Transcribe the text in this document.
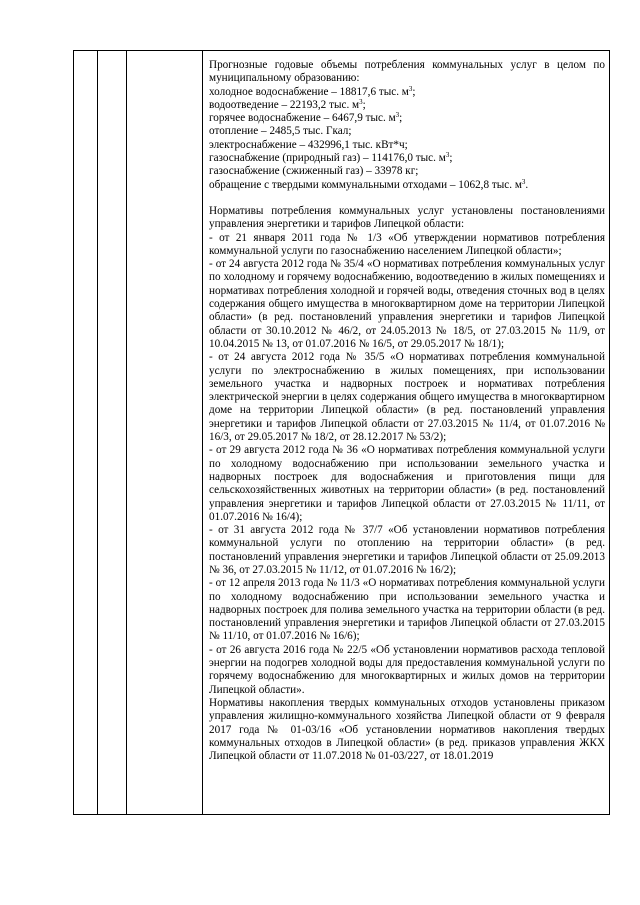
Прогнозные годовые объемы потребления коммунальных услуг в целом по муниципальному образованию:

холодное водоснабжение – 18817,6 тыс. $м^3$;

водоотведение – 22193,2 тыс. $м^3$;

горячее водоснабжение – 6467,9 тыс. $м^3$;

отопление – 2485,5 тыс. Гкал;

электроснабжение – 432996,1 тыс. кВт*ч;

газоснабжение (природный газ) – 114176,0 тыс. $м^3$;

газоснабжение (сжиженный газ) – 33978 кг;

обращение с твердыми коммунальными отходами – 1062,8 тыс. $м^3$.

Нормативы потребления коммунальных услуг установлены постановлениями управления энергетики и тарифов Липецкой области:

- от 21 января 2011 года № 1/3 «Об утверждении нормативов потребления коммунальной услуги по газоснабжению населением Липецкой области»;

- от 24 августа 2012 года № 35/4 «О нормативах потребления коммунальных услуг по холодному и горячему водоснабжению, водоотведению в жилых помещениях и нормативах потребления холодной и горячей воды, отведения сточных вод в целях содержания общего имущества в многоквартирном доме на территории Липецкой области» (в ред. постановлений управления энергетики и тарифов Липецкой области от 30.10.2012 № 46/2, от 24.05.2013 № 18/5, от 27.03.2015 № 11/9, от 10.04.2015 № 13, от 01.07.2016 № 16/5, от 29.05.2017 № 18/1);

- от 24 августа 2012 года № 35/5 «О нормативах потребления коммунальной услуги по электроснабжению в жилых помещениях, при использовании земельного участка и надворных построек и нормативах потребления электрической энергии в целях содержания общего имущества в многоквартирном доме на территории Липецкой области» (в ред. постановлений управления энергетики и тарифов Липецкой области от 27.03.2015 № 11/4, от 01.07.2016 № 16/3, от 29.05.2017 № 18/2, от 28.12.2017 № 53/2);

- от 29 августа 2012 года № 36 «О нормативах потребления коммунальной услуги по холодному водоснабжению при использовании земельного участка и надворных построек для водоснабжения и приготовления пищи для сельскохозяйственных животных на территории области» (в ред. постановлений управления энергетики и тарифов Липецкой области от 27.03.2015 № 11/11, от 01.07.2016 № 16/4);

- от 31 августа 2012 года № 37/7 «Об установлении нормативов потребления коммунальной услуги по отоплению на территории области» (в ред. постановлений управления энергетики и тарифов Липецкой области от 25.09.2013 № 36, от 27.03.2015 № 11/12, от 01.07.2016 № 16/2);

- от 12 апреля 2013 года № 11/3 «О нормативах потребления коммунальной услуги по холодному водоснабжению при использовании земельного участка и надворных построек для полива земельного участка на территории области (в ред. постановлений управления энергетики и тарифов Липецкой области от 27.03.2015 № 11/10, от 01.07.2016 № 16/6);

- от 26 августа 2016 года № 22/5 «Об установлении нормативов расхода тепловой энергии на подогрев холодной воды для предоставления коммунальной услуги по горячему водоснабжению для многоквартирных и жилых домов на территории Липецкой области».

Нормативы накопления твердых коммунальных отходов установлены приказом управления жилищно-коммунального хозяйства Липецкой области от 9 февраля 2017 года № 01-03/16 «Об установлении нормативов накопления твердых коммунальных отходов в Липецкой области» (в ред. приказов управления ЖКХ Липецкой области от 11.07.2018 № 01-03/227, от 18.01.2019
